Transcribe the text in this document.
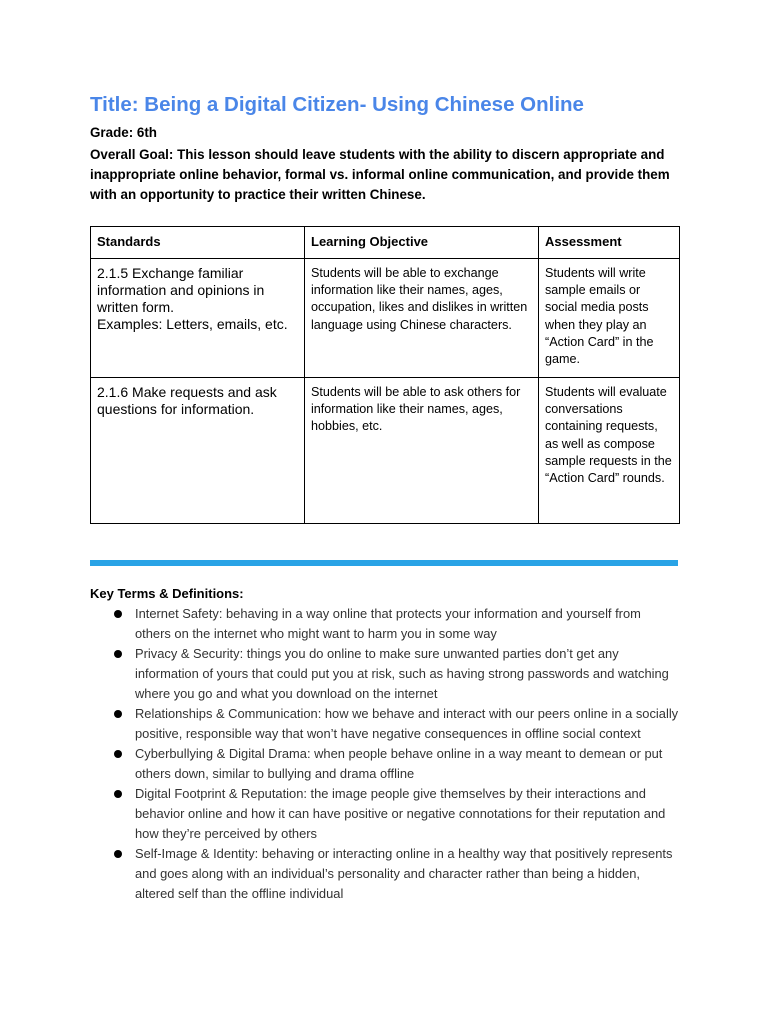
Title: Being a Digital Citizen- Using Chinese Online
Grade: 6th
Overall Goal: This lesson should leave students with the ability to discern appropriate and inappropriate online behavior, formal vs. informal online communication, and provide them with an opportunity to practice their written Chinese.
Standards	Learning Objective	Assessment

2.1.5 Exchange familiar information and opinions in written form.
Examples: Letters, emails, etc.	Students will be able to exchange information like their names, ages, occupation, likes and dislikes in written language using Chinese characters.	Students will write sample emails or social media posts when they play an “Action Card” in the game.

2.1.6 Make requests and ask questions for information.	Students will be able to ask others for information like their names, ages, hobbies, etc.	Students will evaluate conversations containing requests, as well as compose sample requests in the “Action Card” rounds.
Key Terms & Definitions:
Internet Safety: behaving in a way online that protects your information and yourself from others on the internet who might want to harm you in some way
Privacy & Security: things you do online to make sure unwanted parties don’t get any information of yours that could put you at risk, such as having strong passwords and watching where you go and what you download on the internet
Relationships & Communication: how we behave and interact with our peers online in a socially positive, responsible way that won’t have negative consequences in offline social context
Cyberbullying & Digital Drama: when people behave online in a way meant to demean or put others down, similar to bullying and drama offline
Digital Footprint & Reputation: the image people give themselves by their interactions and behavior online and how it can have positive or negative connotations for their reputation and how they’re perceived by others
Self-Image & Identity: behaving or interacting online in a healthy way that positively represents and goes along with an individual’s personality and character rather than being a hidden, altered self than the offline individual
